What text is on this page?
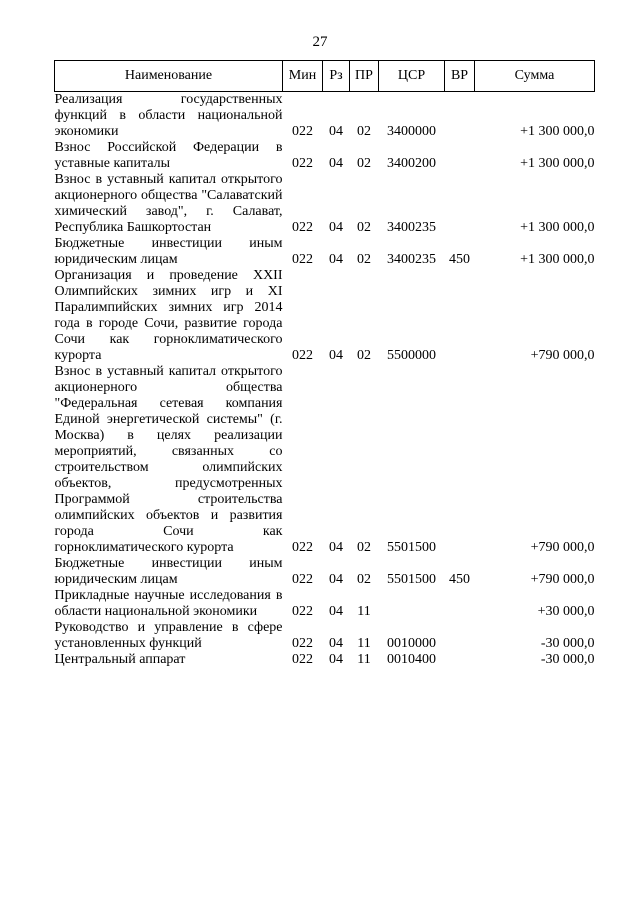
27
Наименование	Мин	Рз	ПР	ЦСР	ВР	Сумма
Реализация государственных функций в области национальной экономики	022	04	02	3400000		+1 300 000,0
Взнос Российской Федерации в уставные капиталы	022	04	02	3400200		+1 300 000,0
Взнос в уставный капитал открытого акционерного общества "Салаватский химический завод", г. Салават, Республика Башкортостан	022	04	02	3400235		+1 300 000,0
Бюджетные инвестиции иным юридическим лицам	022	04	02	3400235	450	+1 300 000,0
Организация и проведение XXII Олимпийских зимних игр и XI Паралимпийских зимних игр 2014 года в городе Сочи, развитие города Сочи как горноклиматического курорта	022	04	02	5500000		+790 000,0
Взнос в уставный капитал открытого акционерного общества "Федеральная сетевая компания Единой энергетической системы" (г. Москва) в целях реализации мероприятий, связанных со строительством олимпийских объектов, предусмотренных Программой строительства олимпийских объектов и развития города Сочи как горноклиматического курорта	022	04	02	5501500		+790 000,0
Бюджетные инвестиции иным юридическим лицам	022	04	02	5501500	450	+790 000,0
Прикладные научные исследования в области национальной экономики	022	04	11			+30 000,0
Руководство и управление в сфере установленных функций	022	04	11	0010000		-30 000,0
Центральный аппарат	022	04	11	0010400		-30 000,0
